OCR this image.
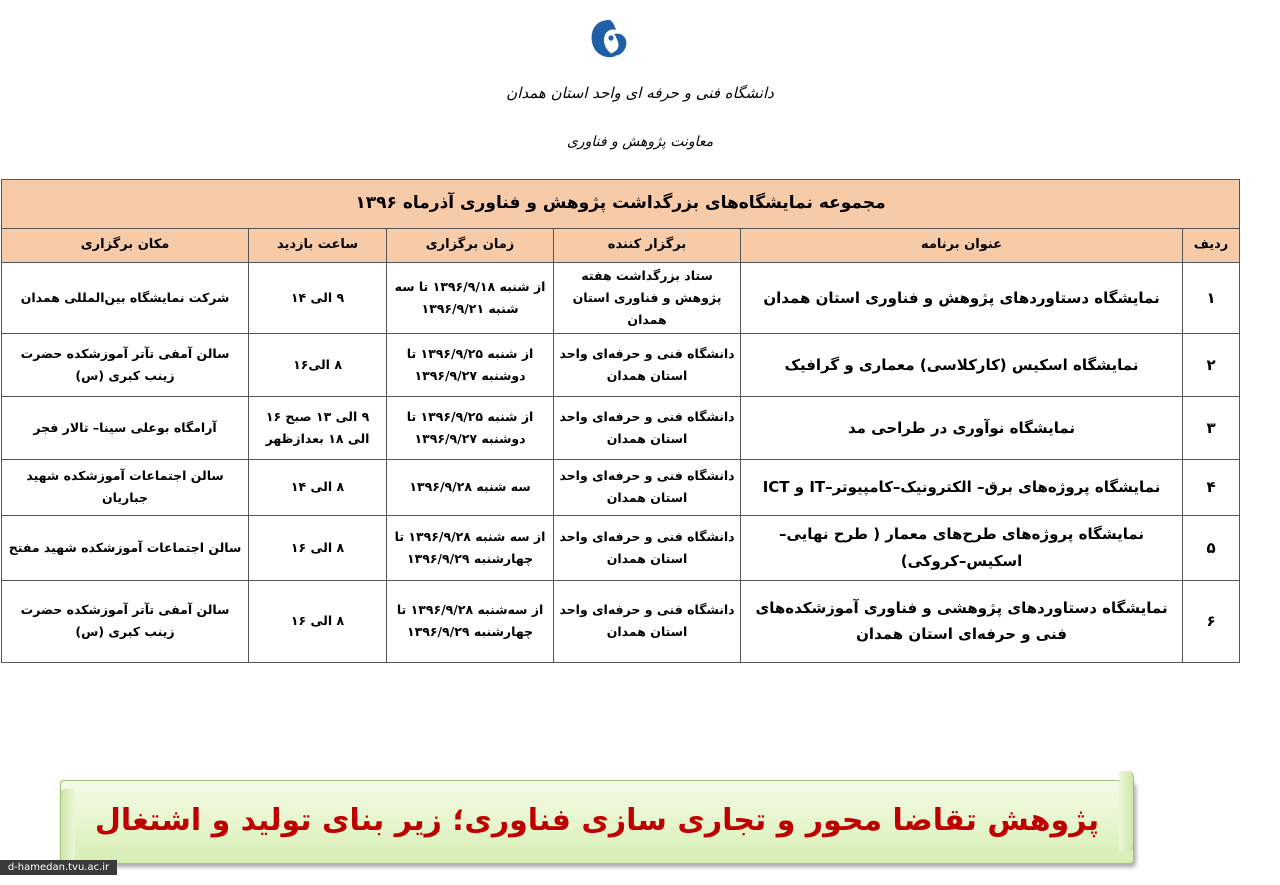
دانشگاه فنی و حرفه ای واحد استان همدان
معاونت پژوهش و فناوری
مجموعه نمایشگاه‌های بزرگداشت پژوهش و فناوری آذرماه ۱۳۹۶					
ردیف	عنوان برنامه	برگزار کننده	زمان برگزاری	ساعت بازدید	مکان برگزاری
۱	نمایشگاه دستاوردهای پژوهش و فناوری استان همدان	ستاد بزرگداشت هفته پژوهش و فناوری استان همدان	از شنبه ۱۳۹۶/۹/۱۸ تا سه شنبه ۱۳۹۶/۹/۲۱	۹ الی ۱۴	شرکت نمایشگاه بین‌المللی همدان
۲	نمایشگاه اسکیس (کارکلاسی) معماری و گرافیک	دانشگاه فنی و حرفه‌ای واحد استان همدان	از شنبه ۱۳۹۶/۹/۲۵ تا دوشنبه ۱۳۹۶/۹/۲۷	۸ الی۱۶	سالن آمفی تآتر آموزشکده حضرت زینب کبری (س)
۳	نمایشگاه نوآوری در طراحی مد	دانشگاه فنی و حرفه‌ای واحد استان همدان	از شنبه ۱۳۹۶/۹/۲۵ تا دوشنبه ۱۳۹۶/۹/۲۷	۹ الی ۱۳ صبح ۱۶ الی ۱۸ بعدازظهر	آرامگاه بوعلی سینا– تالار فجر
۴	نمایشگاه پروژه‌های برق– الکترونیک–کامپیوتر–IT و ICT	دانشگاه فنی و حرفه‌ای واحد استان همدان	سه شنبه ۱۳۹۶/۹/۲۸	۸ الی ۱۴	سالن اجتماعات آموزشکده شهید جباریان
۵	نمایشگاه پروژه‌های طرح‌های معمار ( طرح نهایی– اسکیس–کروکی)	دانشگاه فنی و حرفه‌ای واحد استان همدان	از سه شنبه ۱۳۹۶/۹/۲۸ تا چهارشنبه ۱۳۹۶/۹/۲۹	۸ الی ۱۶	سالن اجتماعات آموزشکده شهید مفتح
۶	نمایشگاه دستاوردهای پژوهشی و فناوری آموزشکده‌های فنی و حرفه‌ای استان همدان	دانشگاه فنی و حرفه‌ای واحد استان همدان	از سه‌شنبه ۱۳۹۶/۹/۲۸ تا چهارشنبه ۱۳۹۶/۹/۲۹	۸ الی ۱۶	سالن آمفی تآتر آموزشکده حضرت زینب کبری (س)
پژوهش تقاضا محور و تجاری سازی فناوری؛ زیر بنای تولید و اشتغال
d-hamedan.tvu.ac.ir
